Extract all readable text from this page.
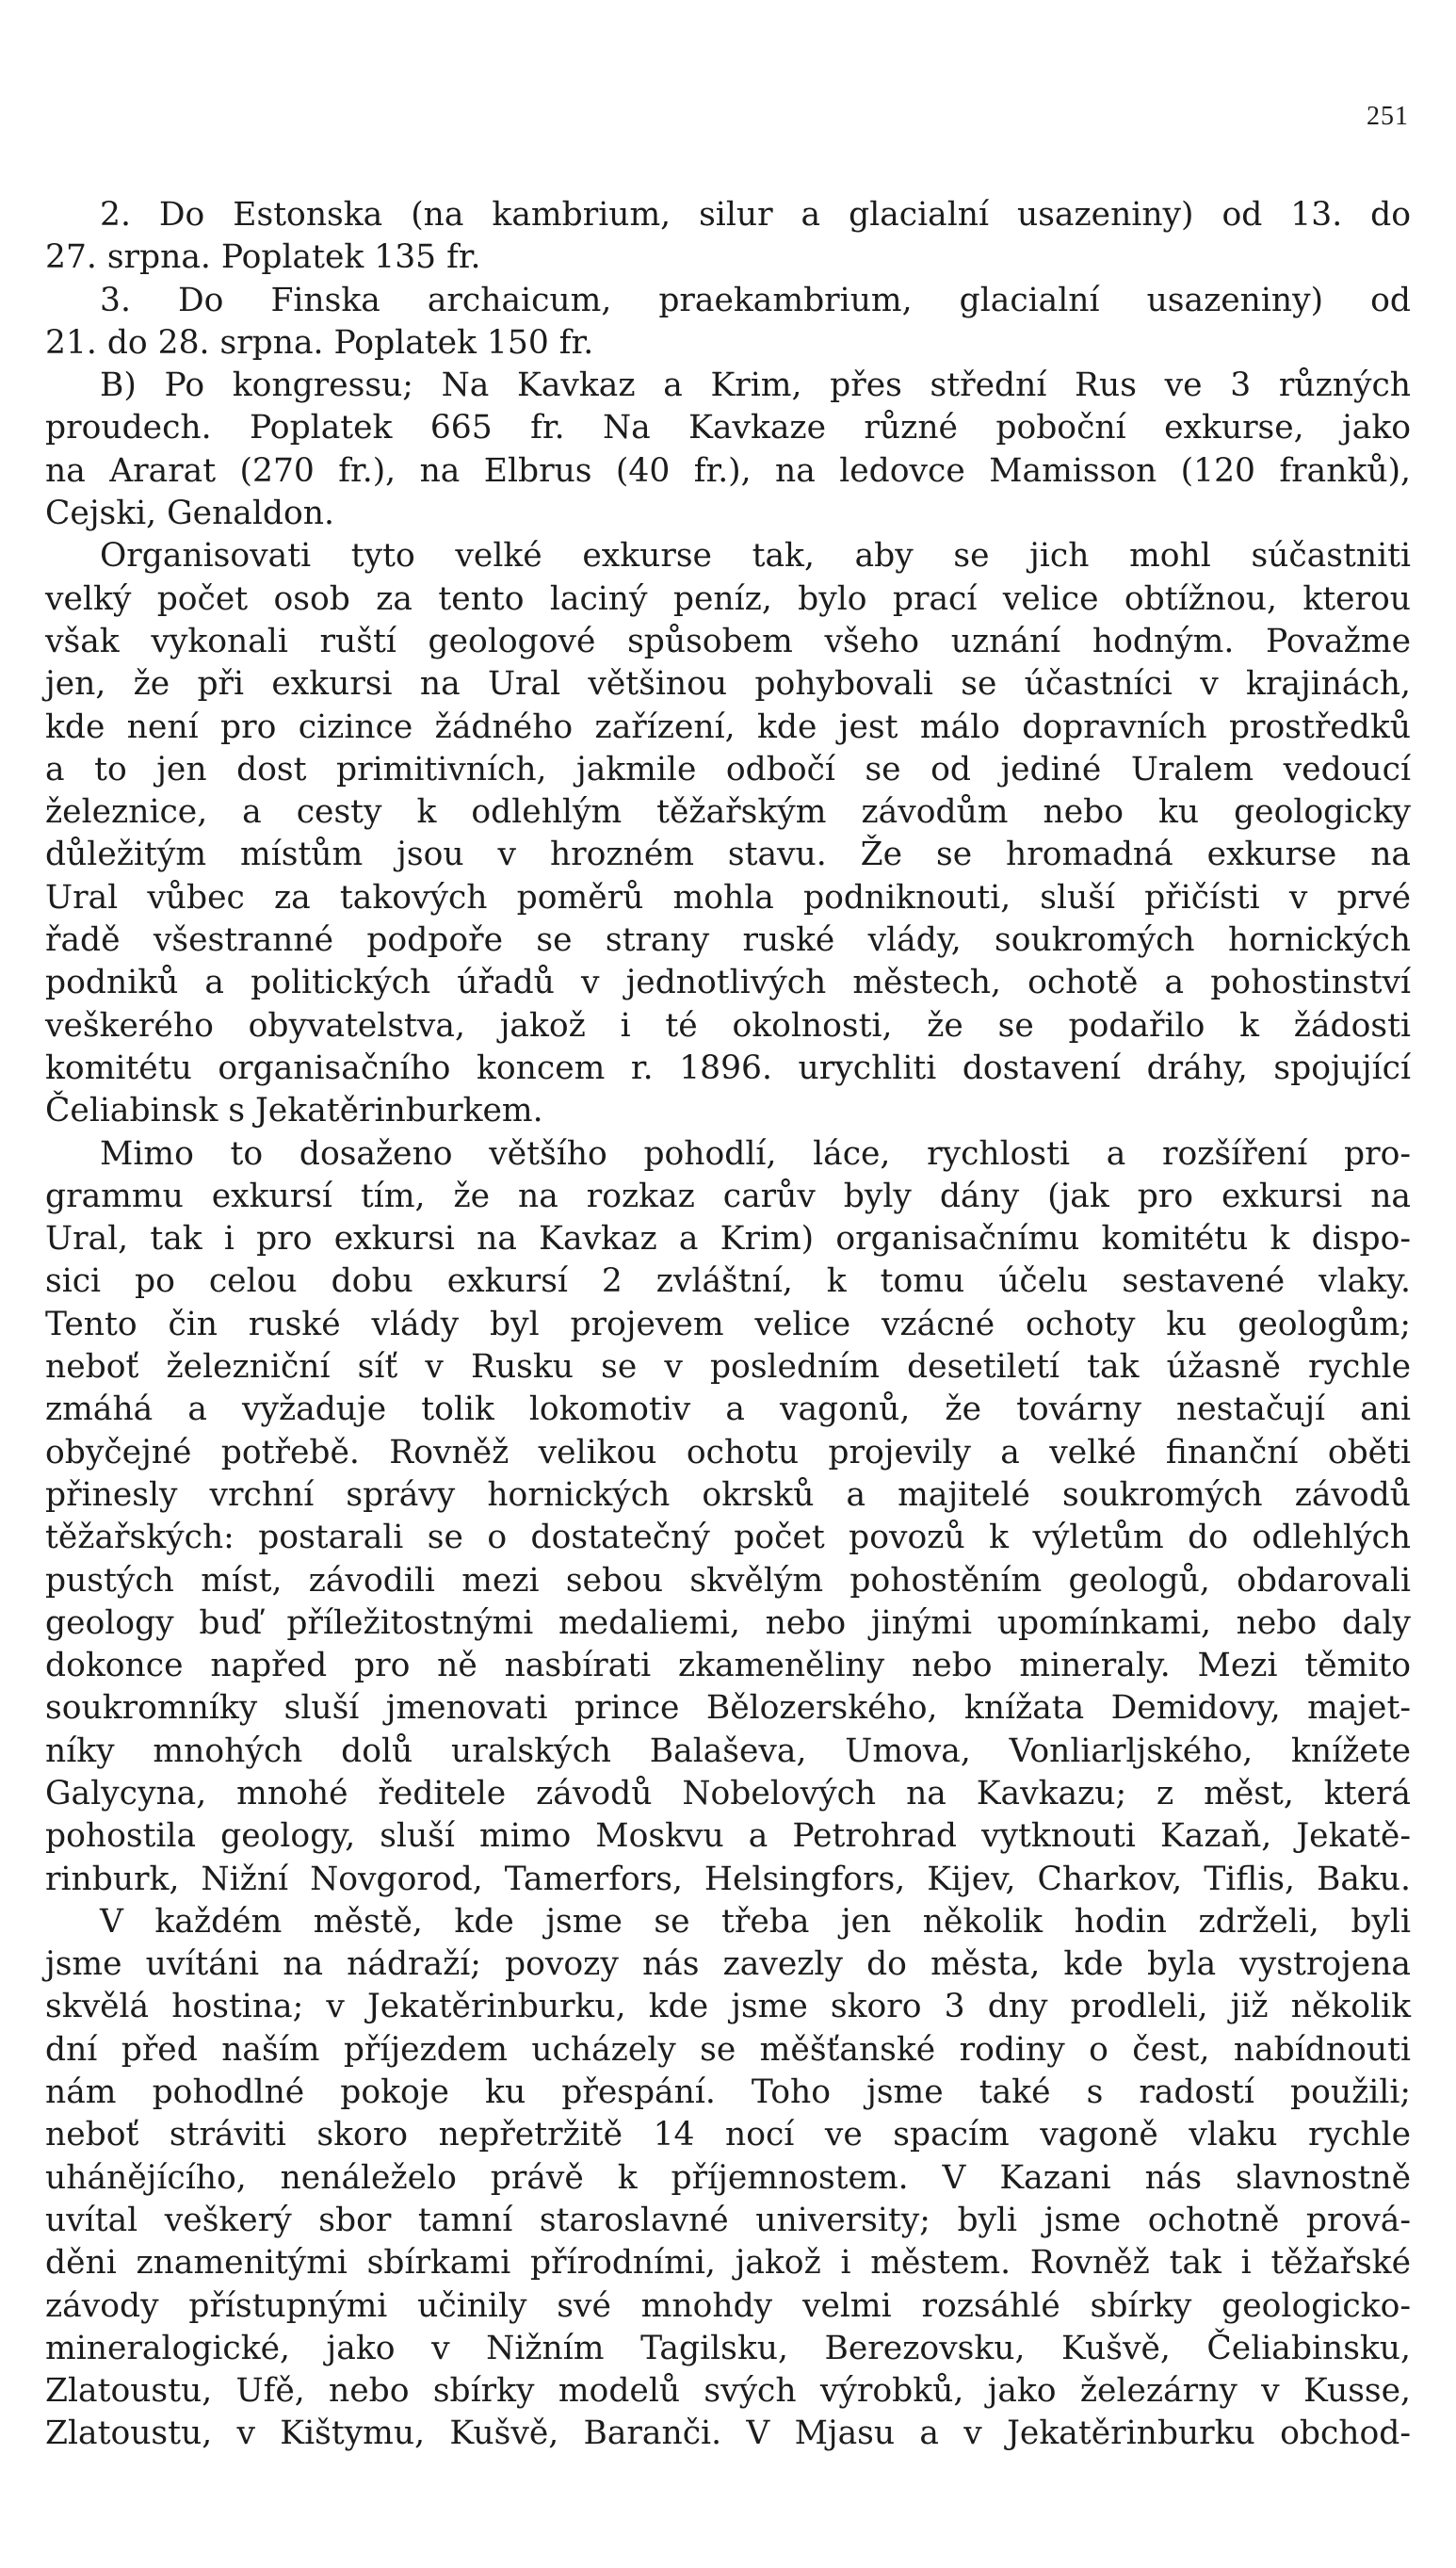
251
2. Do Estonska (na kambrium, silur a glacialní usazeniny) od 13. do
27. srpna. Poplatek 135 fr.
3. Do Finska archaicum, praekambrium, glacialní usazeniny) od
21. do 28. srpna. Poplatek 150 fr.
B) Po kongressu; Na Kavkaz a Krim, přes střední Rus ve 3 různých
proudech. Poplatek 665 fr. Na Kavkaze různé poboční exkurse, jako
na Ararat (270 fr.), na Elbrus (40 fr.), na ledovce Mamisson (120 franků),
Cejski, Genaldon.
Organisovati tyto velké exkurse tak, aby se jich mohl súčastniti
velký počet osob za tento laciný peníz, bylo prací velice obtížnou, kterou
však vykonali ruští geologové spůsobem všeho uznání hodným. Považme
jen, že při exkursi na Ural většinou pohybovali se účastníci v krajinách,
kde není pro cizince žádného zařízení, kde jest málo dopravních prostředků
a to jen dost primitivních, jakmile odbočí se od jediné Uralem vedoucí
železnice, a cesty k odlehlým těžařským závodům nebo ku geologicky
důležitým místům jsou v hrozném stavu. Že se hromadná exkurse na
Ural vůbec za takových poměrů mohla podniknouti, sluší přičísti v prvé
řadě všestranné podpoře se strany ruské vlády, soukromých hornických
podniků a politických úřadů v jednotlivých městech, ochotě a pohostinství
veškerého obyvatelstva, jakož i té okolnosti, že se podařilo k žádosti
komitétu organisačního koncem r. 1896. urychliti dostavení dráhy, spojující
Čeliabinsk s Jekatěrinburkem.
Mimo to dosaženo většího pohodlí, láce, rychlosti a rozšíření pro-
grammu exkursí tím, že na rozkaz carův byly dány (jak pro exkursi na
Ural, tak i pro exkursi na Kavkaz a Krim) organisačnímu komitétu k dispo-
sici po celou dobu exkursí 2 zvláštní, k tomu účelu sestavené vlaky.
Tento čin ruské vlády byl projevem velice vzácné ochoty ku geologům;
neboť železniční síť v Rusku se v posledním desetiletí tak úžasně rychle
zmáhá a vyžaduje tolik lokomotiv a vagonů, že továrny nestačují ani
obyčejné potřebě. Rovněž velikou ochotu projevily a velké finanční oběti
přinesly vrchní správy hornických okrsků a majitelé soukromých závodů
těžařských: postarali se o dostatečný počet povozů k výletům do odlehlých
pustých míst, závodili mezi sebou skvělým pohostěním geologů, obdarovali
geology buď příležitostnými medaliemi, nebo jinými upomínkami, nebo daly
dokonce napřed pro ně nasbírati zkameněliny nebo mineraly. Mezi těmito
soukromníky sluší jmenovati prince Bělozerského, knížata Demidovy, majet-
níky mnohých dolů uralských Balaševa, Umova, Vonliarljského, knížete
Galycyna, mnohé ředitele závodů Nobelových na Kavkazu; z měst, která
pohostila geology, sluší mimo Moskvu a Petrohrad vytknouti Kazaň, Jekatě-
rinburk, Nižní Novgorod, Tamerfors, Helsingfors, Kijev, Charkov, Tiflis, Baku.
V každém městě, kde jsme se třeba jen několik hodin zdrželi, byli
jsme uvítáni na nádraží; povozy nás zavezly do města, kde byla vystrojena
skvělá hostina; v Jekatěrinburku, kde jsme skoro 3 dny prodleli, již několik
dní před naším příjezdem ucházely se měšťanské rodiny o čest, nabídnouti
nám pohodlné pokoje ku přespání. Toho jsme také s radostí použili;
neboť stráviti skoro nepřetržitě 14 nocí ve spacím vagoně vlaku rychle
uhánějícího, nenáleželo právě k příjemnostem. V Kazani nás slavnostně
uvítal veškerý sbor tamní staroslavné university; byli jsme ochotně prová-
děni znamenitými sbírkami přírodními, jakož i městem. Rovněž tak i těžařské
závody přístupnými učinily své mnohdy velmi rozsáhlé sbírky geologicko-
mineralogické, jako v Nižním Tagilsku, Berezovsku, Kušvě, Čeliabinsku,
Zlatoustu, Ufě, nebo sbírky modelů svých výrobků, jako železárny v Kusse,
Zlatoustu, v Kištymu, Kušvě, Baranči. V Mjasu a v Jekatěrinburku obchod-
